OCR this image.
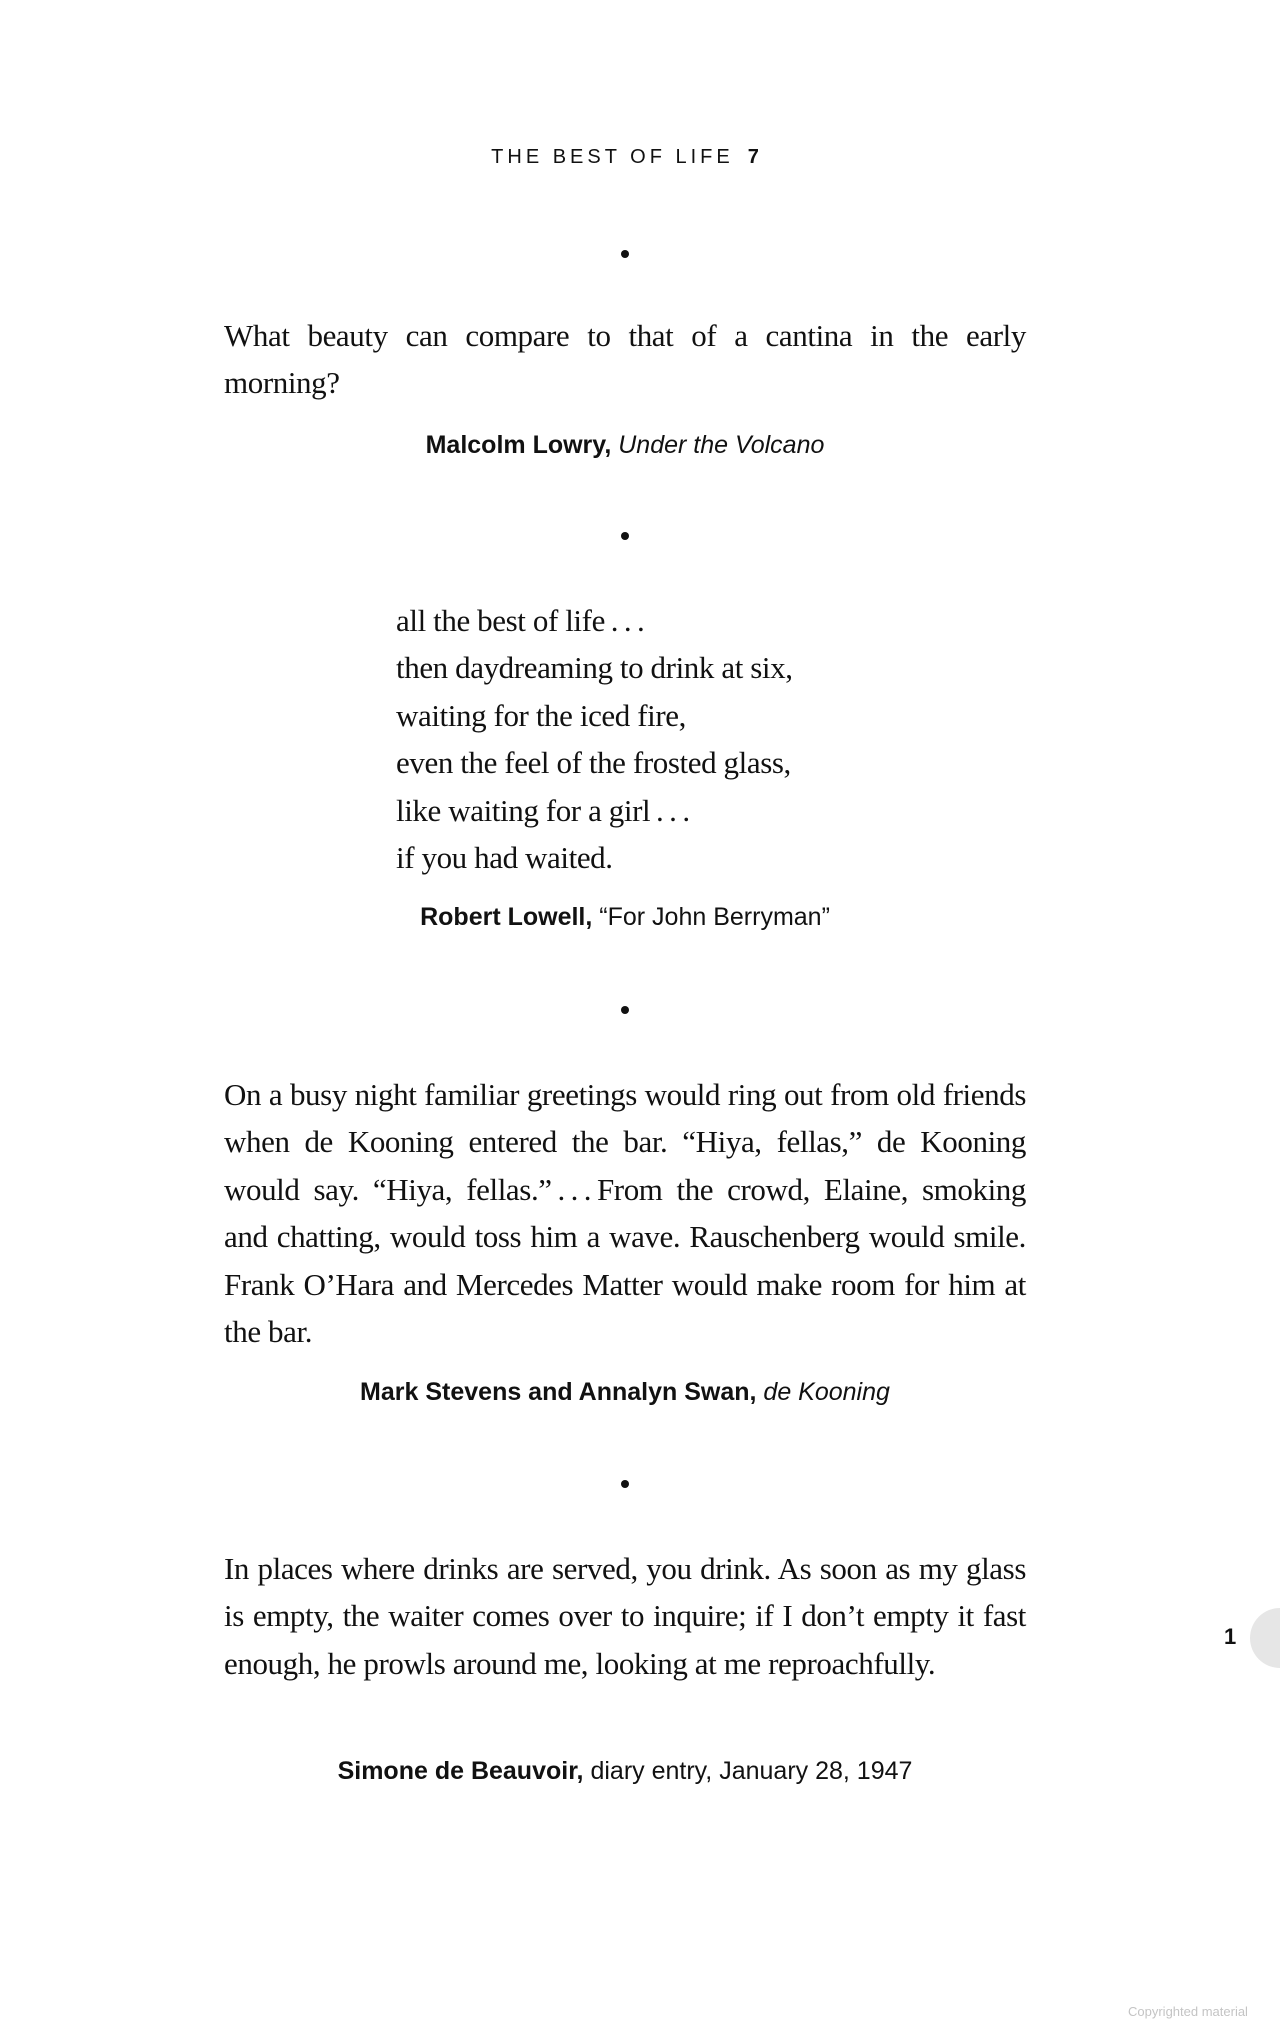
THE BEST OF LIFE 7
What beauty can compare to that of a cantina in the early morning?
Malcolm Lowry, Under the Volcano
all the best of life . . .
then daydreaming to drink at six,
waiting for the iced fire,
even the feel of the frosted glass,
like waiting for a girl . . .
if you had waited.
Robert Lowell, “For John Berryman”
On a busy night familiar greetings would ring out from old friends when de Kooning entered the bar. “Hiya, fellas,” de Kooning would say. “Hiya, fellas.” . . . From the crowd, Elaine, smoking and chatting, would toss him a wave. Rauschenberg would smile. Frank O’Hara and Mercedes Matter would make room for him at the bar.
Mark Stevens and Annalyn Swan, de Kooning
In places where drinks are served, you drink. As soon as my glass is empty, the waiter comes over to inquire; if I don’t empty it fast enough, he prowls around me, looking at me reproachfully.
Simone de Beauvoir, diary entry, January 28, 1947
1
Copyrighted material
